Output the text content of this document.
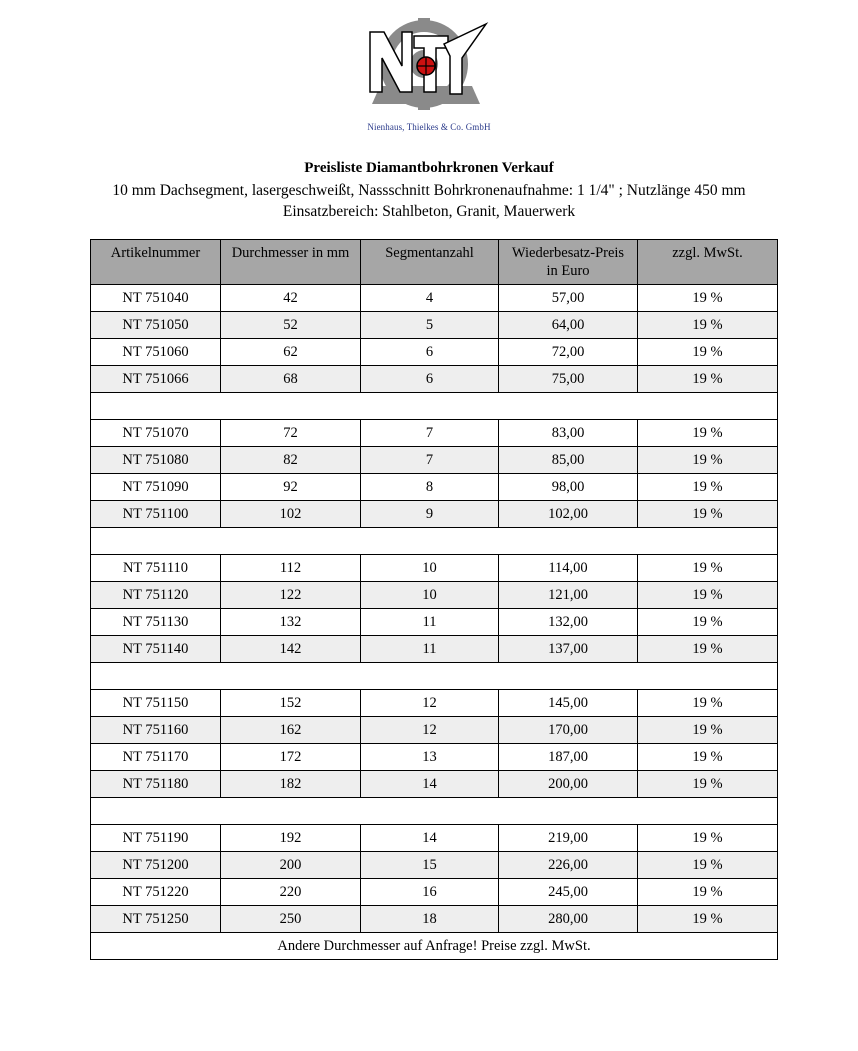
Nienhaus, Thielkes & Co. GmbH
Preisliste Diamantbohrkronen Verkauf
10 mm Dachsegment, lasergeschweißt, Nassschnitt Bohrkronenaufnahme: 1 1/4" ; Nutzlänge 450 mm Einsatzbereich: Stahlbeton, Granit, Mauerwerk
Artikelnummer	Durchmesser in mm	Segmentanzahl	Wiederbesatz-Preis in Euro	zzgl. MwSt.
NT 751040	42	4	57,00	19 %
NT 751050	52	5	64,00	19 %
NT 751060	62	6	72,00	19 %
NT 751066	68	6	75,00	19 %

NT 751070	72	7	83,00	19 %
NT 751080	82	7	85,00	19 %
NT 751090	92	8	98,00	19 %
NT 751100	102	9	102,00	19 %

NT 751110	112	10	114,00	19 %
NT 751120	122	10	121,00	19 %
NT 751130	132	11	132,00	19 %
NT 751140	142	11	137,00	19 %

NT 751150	152	12	145,00	19 %
NT 751160	162	12	170,00	19 %
NT 751170	172	13	187,00	19 %
NT 751180	182	14	200,00	19 %

NT 751190	192	14	219,00	19 %
NT 751200	200	15	226,00	19 %
NT 751220	220	16	245,00	19 %
NT 751250	250	18	280,00	19 %
Andere Durchmesser auf Anfrage! Preise zzgl. MwSt.				
